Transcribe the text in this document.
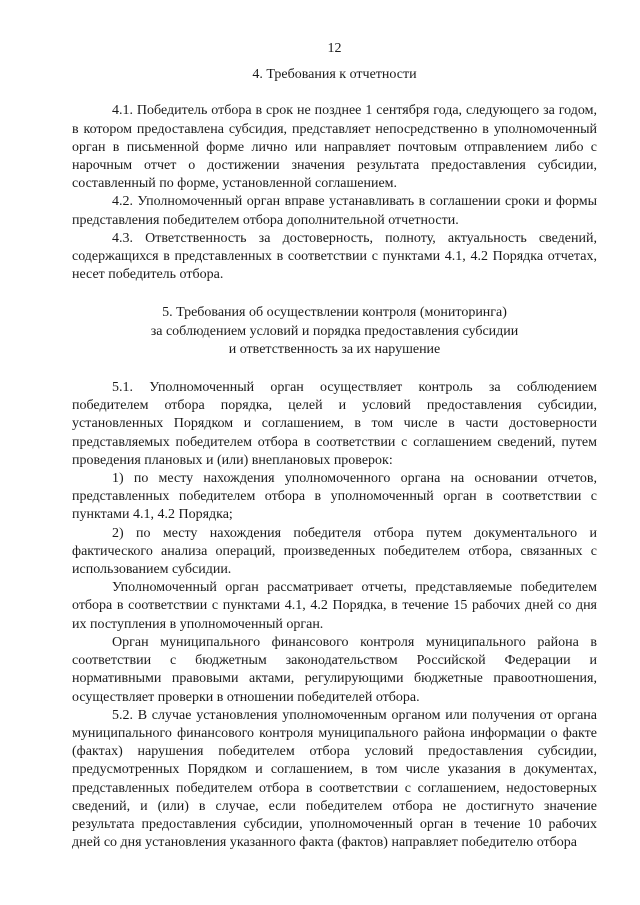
12
4. Требования к отчетности

4.1. Победитель отбора в срок не позднее 1 сентября года, следующего за годом, в котором предоставлена субсидия, представляет непосредственно в уполномоченный орган в письменной форме лично или направляет почтовым отправлением либо с нарочным отчет о достижении значения результата предоставления субсидии, составленный по форме, установленной соглашением.

4.2. Уполномоченный орган вправе устанавливать в соглашении сроки и формы представления победителем отбора дополнительной отчетности.

4.3. Ответственность за достоверность, полноту, актуальность сведений, содержащихся в представленных в соответствии с пунктами 4.1, 4.2 Порядка отчетах, несет победитель отбора.

5. Требования об осуществлении контроля (мониторинга)
за соблюдением условий и порядка предоставления субсидии
и ответственность за их нарушение

5.1. Уполномоченный орган осуществляет контроль за соблюдением победителем отбора порядка, целей и условий предоставления субсидии, установленных Порядком и соглашением, в том числе в части достоверности представляемых победителем отбора в соответствии с соглашением сведений, путем проведения плановых и (или) внеплановых проверок:

1) по месту нахождения уполномоченного органа на основании отчетов, представленных победителем отбора в уполномоченный орган в соответствии с пунктами 4.1, 4.2 Порядка;

2) по месту нахождения победителя отбора путем документального и фактического анализа операций, произведенных победителем отбора, связанных с использованием субсидии.

Уполномоченный орган рассматривает отчеты, представляемые победителем отбора в соответствии с пунктами 4.1, 4.2 Порядка, в течение 15 рабочих дней со дня их поступления в уполномоченный орган.

Орган муниципального финансового контроля муниципального района в соответствии с бюджетным законодательством Российской Федерации и нормативными правовыми актами, регулирующими бюджетные правоотношения, осуществляет проверки в отношении победителей отбора.

5.2. В случае установления уполномоченным органом или получения от органа муниципального финансового контроля муниципального района информации о факте (фактах) нарушения победителем отбора условий предоставления субсидии, предусмотренных Порядком и соглашением, в том числе указания в документах, представленных победителем отбора в соответствии с соглашением, недостоверных сведений, и (или) в случае, если победителем отбора не достигнуто значение результата предоставления субсидии, уполномоченный орган в течение 10 рабочих дней со дня установления указанного факта (фактов) направляет победителю отбора
